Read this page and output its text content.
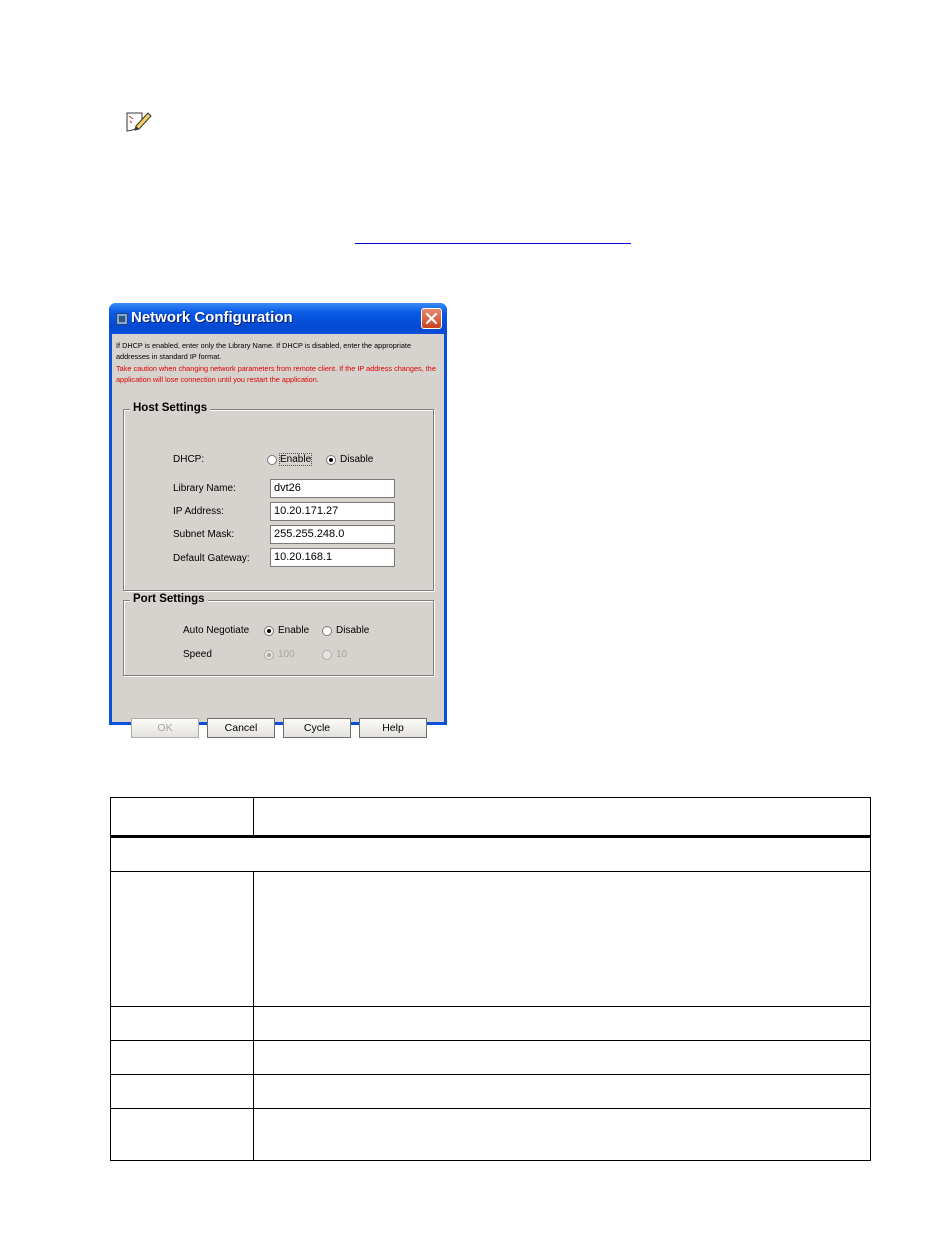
Network Configuration
If DHCP is enabled, enter only the Library Name. If DHCP is disabled, enter the appropriate addresses in standard IP format.
Take caution when changing network parameters from remote client. If the IP address changes, the application will lose connection until you restart the application.
Host Settings
DHCP:	Enable	Disable
Library Name:	dvt26
IP Address:	10.20.171.27
Subnet Mask:	255.255.248.0
Default Gateway:	10.20.168.1
Port Settings
Auto Negotiate	Enable	Disable
Speed	100	10
OK	Cancel	Cycle	Help
